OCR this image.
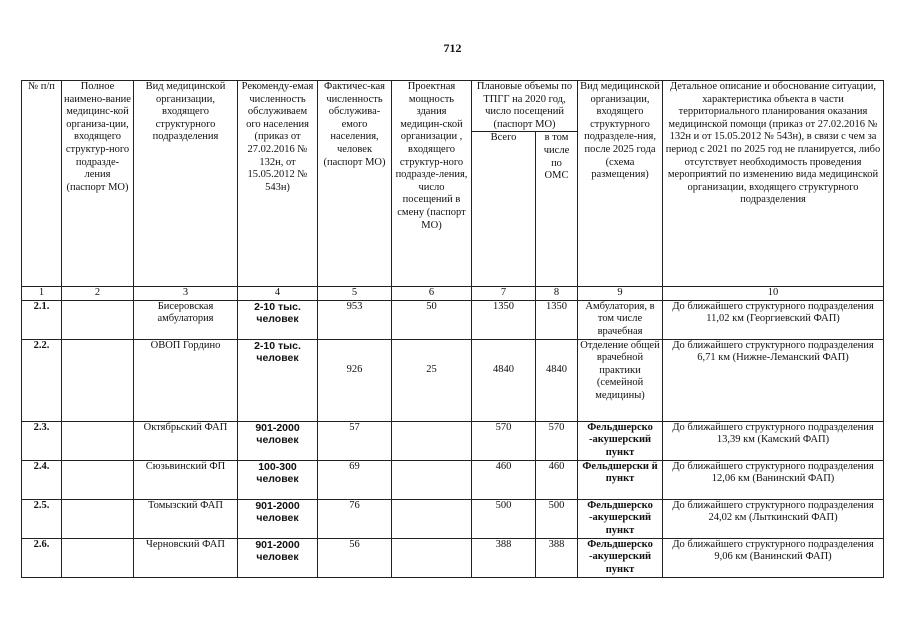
712
№ п/п	Полное наимено-вание медицинс-кой организа-ции, входящего структур-ного подразде-ления (паспорт МО)	Вид медицинской организации, входящего структурного подразделения	Рекоменду-емая численность обслуживаем ого населения (приказ от 27.02.2016 № 132н, от 15.05.2012 № 543н)	Фактичес-кая численность обслужива-емого населения, человек (паспорт МО)	Проектная мощность здания медицин-ской организации , входящего структур-ного подразде-ления, число посещений в смену (паспорт МО)	Плановые объемы по ТПГГ на 2020 год, число посещений (паспорт МО)		Вид медицинской организации, входящего структурного подразделе-ния, после 2025 года (схема размещения)	Детальное описание и обоснование ситуации, характеристика объекта в части территориального планирования оказания медицинской помощи (приказ от 27.02.2016 № 132н и от 15.05.2012 № 543н), в связи с чем за период с 2021 по 2025 год не планируется, либо отсутствует необходимость проведения мероприятий по изменению вида медицинской организации, входящего структурного подразделения
						Всего	в том числе по ОМС		
1	2	3	4	5	6	7	8	9	10
2.1.		Бисеровская амбулатория	2-10 тыс. человек	953	50	1350	1350	Амбулатория, в том числе врачебная	До ближайшего структурного подразделения 11,02 км (Георгиевский ФАП)
2.2.		ОВОП Гордино	2-10 тыс. человек	926	25	4840	4840	Отделение общей врачебной практики (семейной медицины)	До ближайшего структурного подразделения 6,71 км (Нижне-Леманский ФАП)
2.3.		Октябрьский ФАП	901-2000 человек	57		570	570	Фельдшерско -акушерский пункт	До ближайшего структурного подразделения 13,39 км (Камский ФАП)
2.4.		Сюзьвинский ФП	100-300 человек	69		460	460	Фельдшерски й пункт	До ближайшего структурного подразделения 12,06 км (Ванинский ФАП)
2.5.		Томызский ФАП	901-2000 человек	76		500	500	Фельдшерско -акушерский пункт	До ближайшего структурного подразделения 24,02 км (Лыткинский ФАП)
2.6.		Черновский ФАП	901-2000 человек	56		388	388	Фельдшерско -акушерский пункт	До ближайшего структурного подразделения 9,06 км (Ванинский ФАП)
